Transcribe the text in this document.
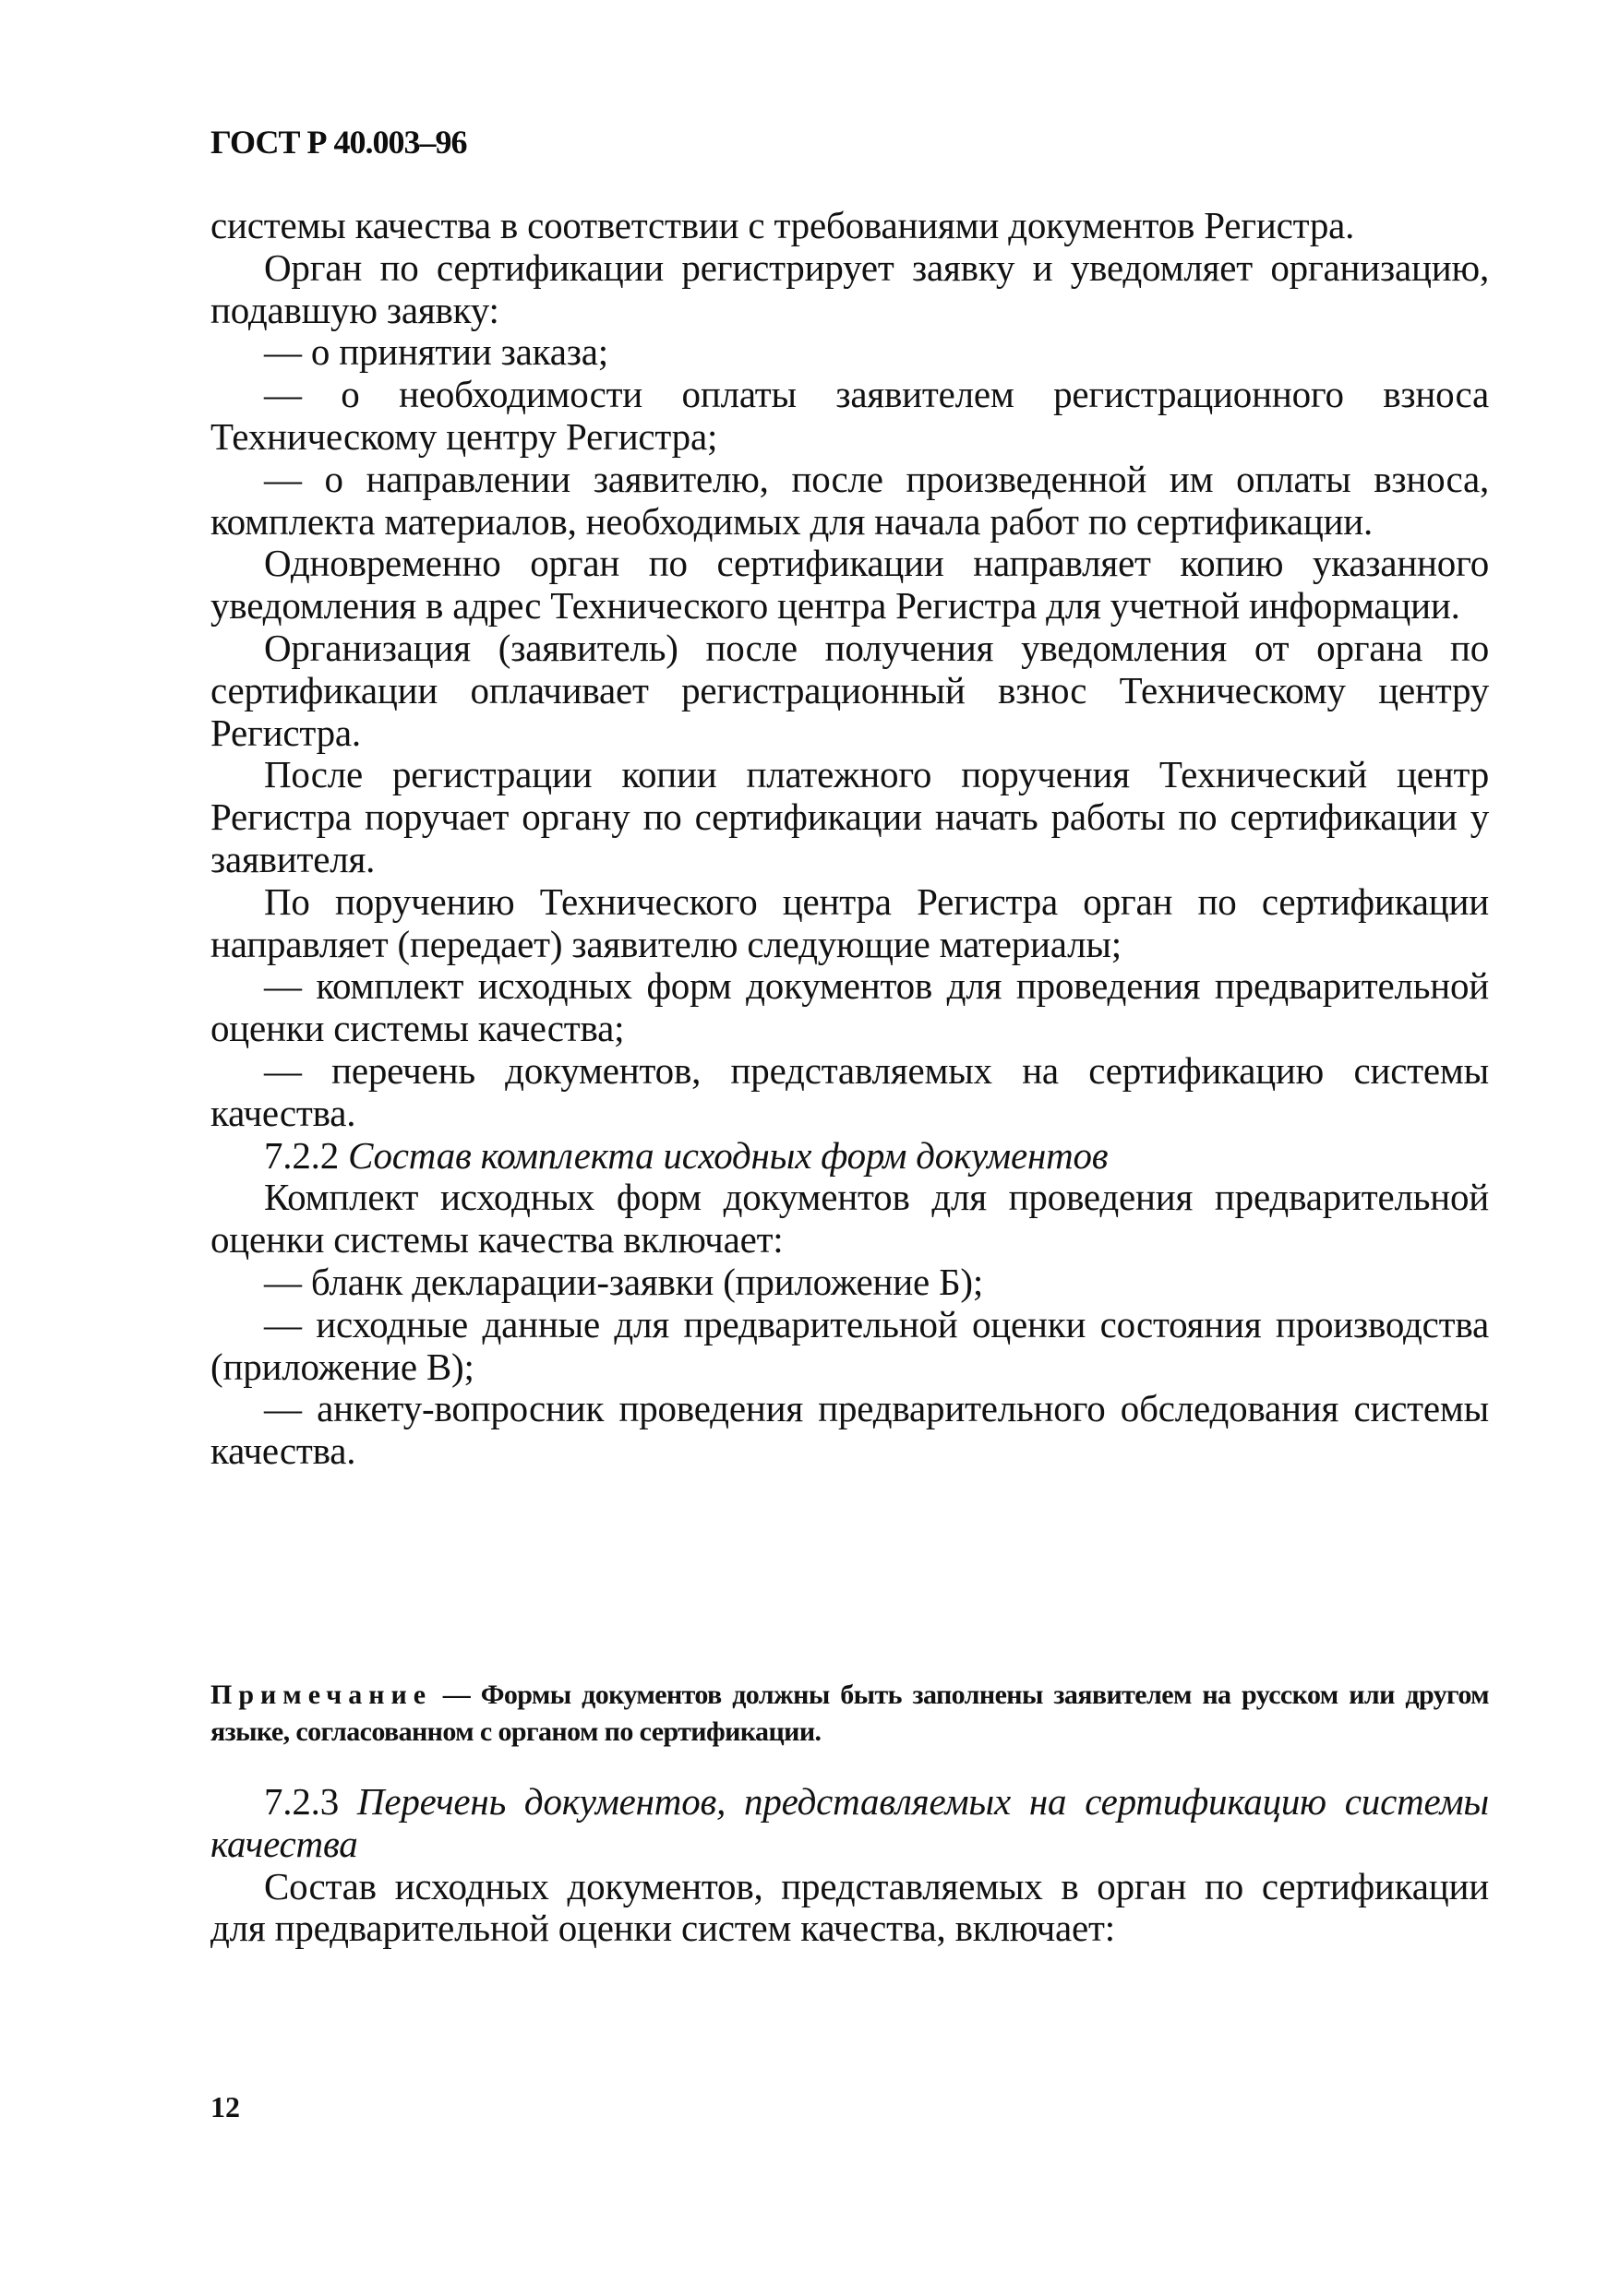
ГОСТ Р 40.003–96

системы качества в соответствии с требованиями документов Регистра.

Орган по сертификации регистрирует заявку и уведомляет организацию, подавшую заявку:

— о принятии заказа;

— о необходимости оплаты заявителем регистрационного взноса Техническому центру Регистра;

— о направлении заявителю, после произведенной им оплаты взноса, комплекта материалов, необходимых для начала работ по сертификации.

Одновременно орган по сертификации направляет копию указанного уведомления в адрес Технического центра Регистра для учетной информации.

Организация (заявитель) после получения уведомления от органа по сертификации оплачивает регистрационный взнос Техническому центру Регистра.

После регистрации копии платежного поручения Технический центр Регистра поручает органу по сертификации начать работы по сертификации у заявителя.

По поручению Технического центра Регистра орган по сертификации направляет (передает) заявителю следующие материалы;

— комплект исходных форм документов для проведения предварительной оценки системы качества;

— перечень документов, представляемых на сертификацию системы качества.

7.2.2 Состав комплекта исходных форм документов

Комплект исходных форм документов для проведения предварительной оценки системы качества включает:

— бланк декларации-заявки (приложение Б);

— исходные данные для предварительной оценки состояния производства (приложение В);

— анкету-вопросник проведения предварительного обследования системы качества.

Примечание — Формы документов должны быть заполнены заявителем на русском или другом языке, согласованном с органом по сертификации.

7.2.3 Перечень документов, представляемых на сертификацию системы качества

Состав исходных документов, представляемых в орган по сертификации для предварительной оценки систем качества, включает:

12
